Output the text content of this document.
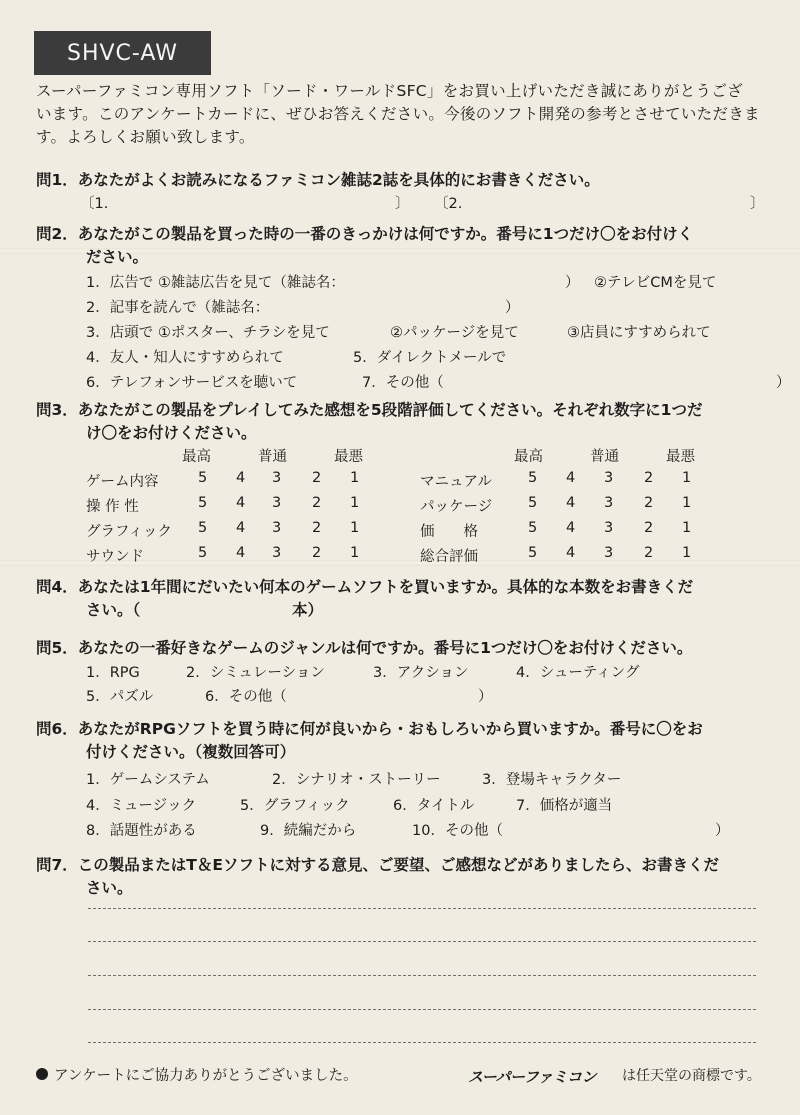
SHVC-AW
スーパーファミコン専用ソフト「ソード・ワールドSFC」をお買い上げいただき誠にありがとうござ
います。このアンケートカードに、ぜひお答えください。今後のソフト開発の参考とさせていただきま
す。よろしくお願い致します。
問1．あなたがよくお読みになるファミコン雑誌2誌を具体的にお書きください。
〔1.	〕 〔2.	〕
問2．あなたがこの製品を買った時の一番のきっかけは何ですか。番号に1つだけ〇をお付けく
ださい。
1．広告で ①雑誌広告を見て（雑誌名：	） ②テレビCMを見て
2．記事を読んで（雑誌名：	）
3．店頭で ①ポスター、チラシを見て	②パッケージを見て	③店員にすすめられて
4．友人・知人にすすめられて	5．ダイレクトメールで
6．テレフォンサービスを聴いて	7．その他（	）
問3．あなたがこの製品をプレイしてみた感想を5段階評価してください。それぞれ数字に1つだ
け〇をお付けください。
最高	普通	最悪	最高	普通	最悪
ゲーム内容	5 4 3 2 1
操 作 性	5 4 3 2 1
グラフィック 5 4 3 2 1
サウンド	5 4 3 2 1
マニュアル 5 4 3 2 1
パッケージ 5 4 3 2 1
価　　格	5 4 3 2 1
総合評価	5 4 3 2 1
問4．あなたは1年間にだいたい何本のゲームソフトを買いますか。具体的な本数をお書きくだ
さい。（	本）
問5．あなたの一番好きなゲームのジャンルは何ですか。番号に1つだけ〇をお付けください。
1．RPG	2．シミュレーション	3．アクション	4．シューティング
5．パズル	6．その他（	）
問6．あなたがRPGソフトを買う時に何が良いから・おもしろいから買いますか。番号に〇をお
付けください。（複数回答可）
1．ゲームシステム	2．シナリオ・ストーリー	3．登場キャラクター
4．ミュージック	5．グラフィック	6．タイトル	7．価格が適当
8．話題性がある	9．続編だから	10．その他（	）
問7．この製品またはT＆Eソフトに対する意見、ご要望、ご感想などがありましたら、お書きくだ
さい。
アンケートにご協力ありがとうございました。	スーパーファミコン は任天堂の商標です。
